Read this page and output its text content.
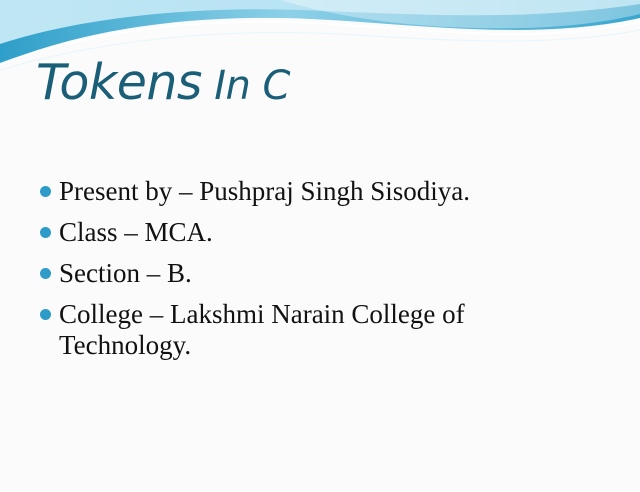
Tokens In C
Present by – Pushpraj Singh Sisodiya.
Class – MCA.
Section – B.
College – Lakshmi Narain College of Technology.
